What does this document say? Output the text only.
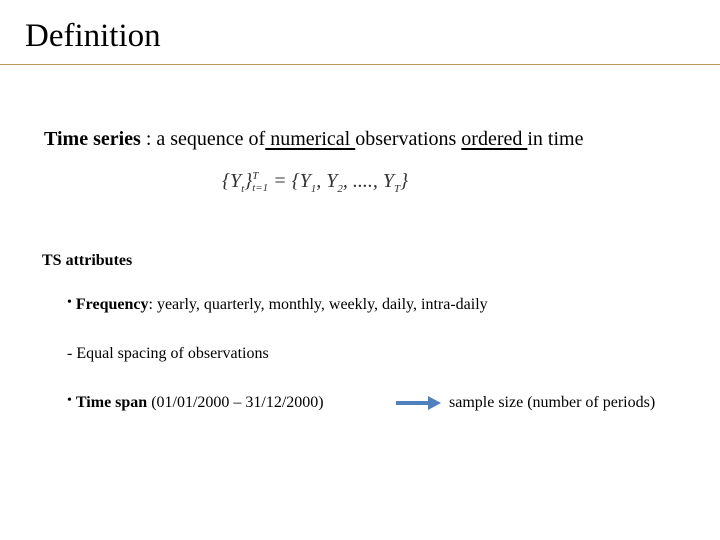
Definition
Time series : a sequence of numerical observations ordered in time
$\{Y_t\}$ T
$t=1 = \{Y_1$, $Y_2$, ...., $Y_T$}
TS attributes
• Frequency: yearly, quarterly, monthly, weekly, daily, intra-daily
- Equal spacing of observations
• Time span (01/01/2000 – 31/12/2000)	sample size (number of periods)
